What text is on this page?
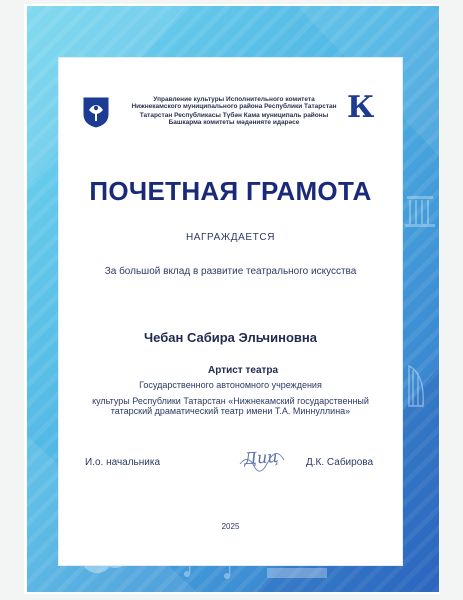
Управление культуры Исполнительного комитета
Нижнекамского муниципального района Республики Татарстан
Татарстан Республикасы Түбән Кама муниципаль районы
Башкарма комитеты мәдәнияте идарәсе	К
ПОЧЕТНАЯ ГРАМОТА
НАГРАЖДАЕТСЯ
За большой вклад в развитие театрального искусства
Чебан Сабира Эльчиновна
Артист театра
Государственного автономного учреждения
культуры Республики Татарстан «Нижнекамский государственный
татарский драматический театр имени Т.А. Миннуллина»
И.о. начальника	Диц	Д.К. Сабирова
2025
